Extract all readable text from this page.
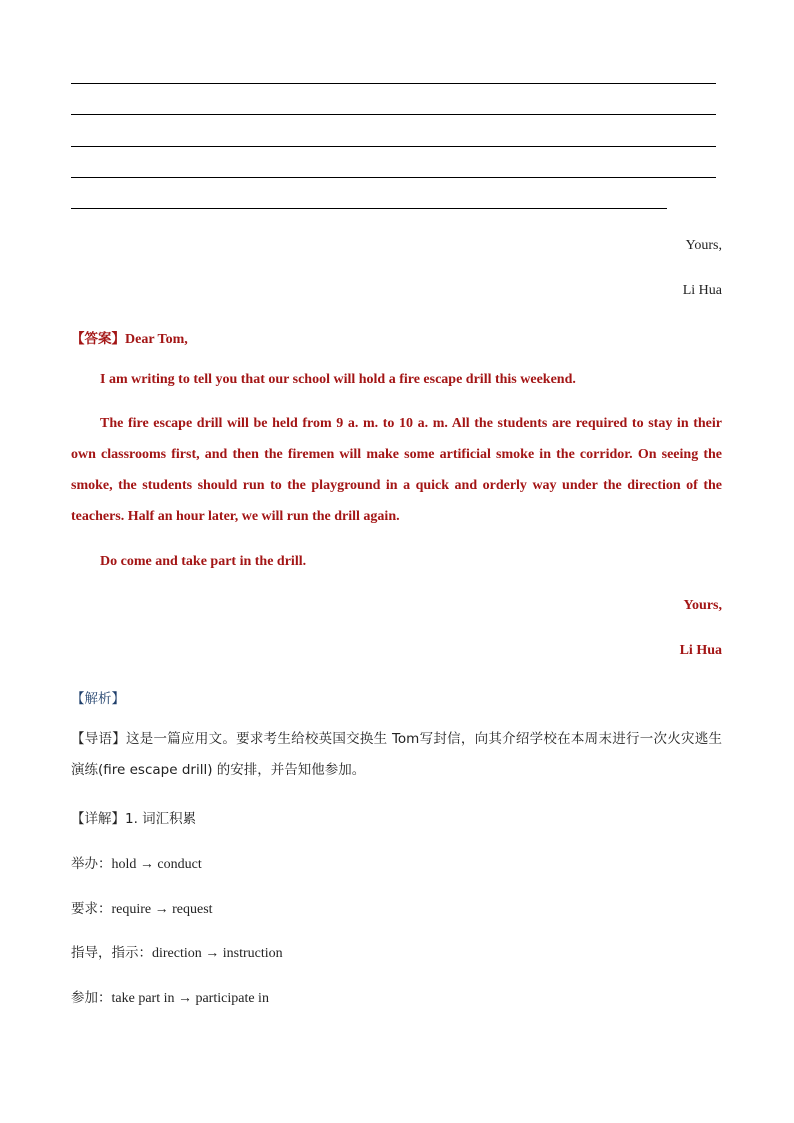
Yours,
Li Hua
【答案】Dear Tom,
I am writing to tell you that our school will hold a fire escape drill this weekend.
The fire escape drill will be held from 9 a. m. to 10 a. m. All the students are required to stay in their own classrooms first, and then the firemen will make some artificial smoke in the corridor. On seeing the smoke, the students should run to the playground in a quick and orderly way under the direction of the teachers. Half an hour later, we will run the drill again.
Do come and take part in the drill.
Yours,
Li Hua
【解析】
【导语】这是一篇应用文。要求考生给校英国交换生 Tom写封信，向其介绍学校在本周末进行一次火灾逃生演练(fire escape drill) 的安排，并告知他参加。
【详解】1. 词汇积累
举办：hold → conduct
要求：require → request
指导，指示：direction → instruction
参加：take part in → participate in
